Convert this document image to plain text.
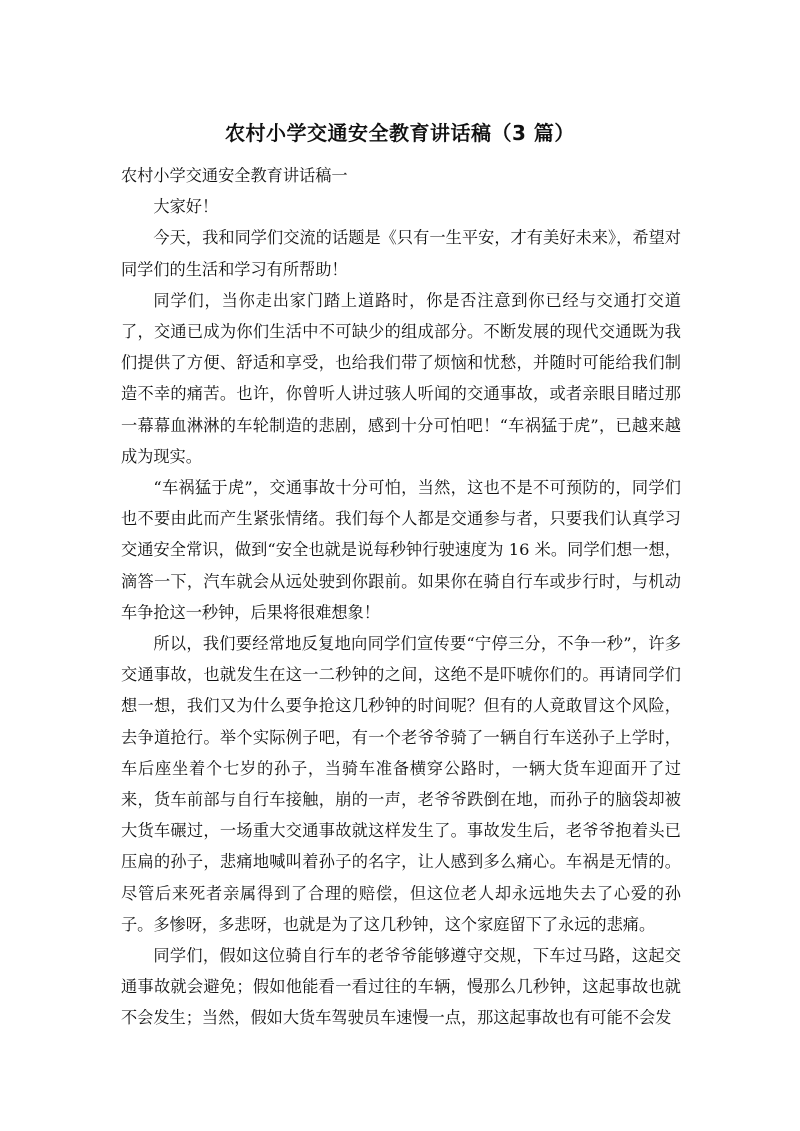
农村小学交通安全教育讲话稿（3 篇）

农村小学交通安全教育讲话稿一

大家好！

今天，我和同学们交流的话题是《只有一生平安，才有美好未来》，希望对同学们的生活和学习有所帮助！

同学们，当你走出家门踏上道路时，你是否注意到你已经与交通打交道了，交通已成为你们生活中不可缺少的组成部分。不断发展的现代交通既为我们提供了方便、舒适和享受，也给我们带了烦恼和忧愁，并随时可能给我们制造不幸的痛苦。也许，你曾听人讲过骇人听闻的交通事故，或者亲眼目睹过那一幕幕血淋淋的车轮制造的悲剧，感到十分可怕吧！“车祸猛于虎”，已越来越成为现实。

“车祸猛于虎”，交通事故十分可怕，当然，这也不是不可预防的，同学们也不要由此而产生紧张情绪。我们每个人都是交通参与者，只要我们认真学习交通安全常识，做到“安全也就是说每秒钟行驶速度为 16 米。同学们想一想，滴答一下，汽车就会从远处驶到你跟前。如果你在骑自行车或步行时，与机动车争抢这一秒钟，后果将很难想象！

所以，我们要经常地反复地向同学们宣传要“宁停三分，不争一秒”，许多交通事故，也就发生在这一二秒钟的之间，这绝不是吓唬你们的。再请同学们想一想，我们又为什么要争抢这几秒钟的时间呢？但有的人竟敢冒这个风险，去争道抢行。举个实际例子吧，有一个老爷爷骑了一辆自行车送孙子上学时，车后座坐着个七岁的孙子，当骑车准备横穿公路时，一辆大货车迎面开了过来，货车前部与自行车接触，崩的一声，老爷爷跌倒在地，而孙子的脑袋却被大货车碾过，一场重大交通事故就这样发生了。事故发生后，老爷爷抱着头已压扁的孙子，悲痛地喊叫着孙子的名字，让人感到多么痛心。车祸是无情的。尽管后来死者亲属得到了合理的赔偿，但这位老人却永远地失去了心爱的孙子。多惨呀，多悲呀，也就是为了这几秒钟，这个家庭留下了永远的悲痛。

同学们，假如这位骑自行车的老爷爷能够遵守交规，下车过马路，这起交通事故就会避免；假如他能看一看过往的车辆，慢那么几秒钟，这起事故也就不会发生；当然，假如大货车驾驶员车速慢一点，那这起事故也有可能不会发
